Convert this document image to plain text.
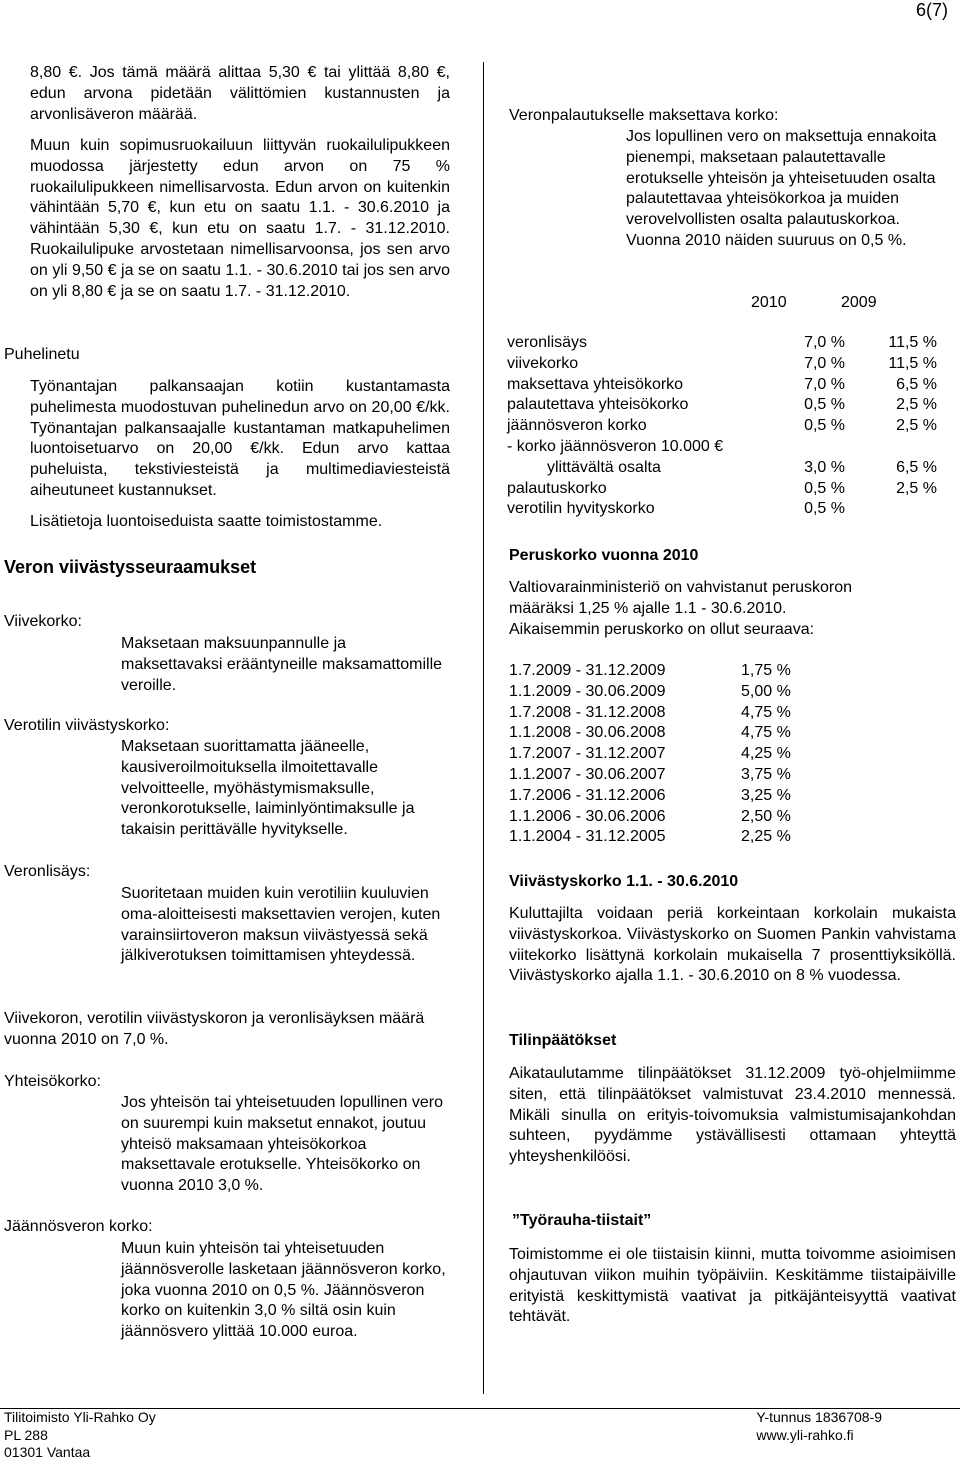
6(7)

8,80 €. Jos tämä määrä alittaa 5,30 € tai ylittää 8,80 €, edun arvona pidetään välittömien kustannusten ja arvonlisäveron määrää.

Muun kuin sopimusruokailuun liittyvän ruokailulipukkeen muodossa järjestetty edun arvon on 75 % ruokailulipukkeen nimellisarvosta. Edun arvon on kuitenkin vähintään 5,70 €, kun etu on saatu 1.1. - 30.6.2010 ja vähintään 5,30 €, kun etu on saatu 1.7. - 31.12.2010. Ruokailulipuke arvostetaan nimellisarvoonsa, jos sen arvo on yli 9,50 € ja se on saatu 1.1. - 30.6.2010 tai jos sen arvo on yli 8,80 € ja se on saatu 1.7. - 31.12.2010.

Puhelinetu

Työnantajan palkansaajan kotiin kustantamasta puhelimesta muodostuvan puhelinedun arvo on 20,00 €/kk. Työnantajan palkansaajalle kustantaman matkapuhelimen luontoisetuarvo on 20,00 €/kk. Edun arvo kattaa puheluista, tekstiviesteistä ja multimediaviesteistä aiheutuneet kustannukset.

Lisätietoja luontoiseduista saatte toimistostamme.
Veron viivästysseuraamukset
Viivekorko:

Maksetaan maksuunpannulle ja maksettavaksi erääntyneille maksamattomille veroille.

Verotilin viivästyskorko:

Maksetaan suorittamatta jääneelle, kausiveroilmoituksella ilmoitettavalle velvoitteelle, myöhästymismaksulle, veronkorotukselle, laiminlyöntimaksulle ja takaisin perittävälle hyvitykselle.

Veronlisäys:

Suoritetaan muiden kuin verotiliin kuuluvien oma-aloitteisesti maksettavien verojen, kuten varainsiirtoveron maksun viivästyessä sekä jälkiverotuksen toimittamisen yhteydessä.

Viivekoron, verotilin viivästyskoron ja veronlisäyksen määrä vuonna 2010 on 7,0 %.

Yhteisökorko:

Jos yhteisön tai yhteisetuuden lopullinen vero on suurempi kuin maksetut ennakot, joutuu yhteisö maksamaan yhteisökorkoa maksettavale erotukselle. Yhteisökorko on vuonna 2010 3,0 %.

Jäännösveron korko:

Muun kuin yhteisön tai yhteisetuuden jäännösverolle lasketaan jäännösveron korko, joka vuonna 2010 on 0,5 %. Jäännösveron korko on kuitenkin 3,0 % siltä osin kuin jäännösvero ylittää 10.000 euroa.

Veronpalautukselle maksettava korko:

Jos lopullinen vero on maksettuja ennakoita pienempi, maksetaan palautettavalle erotukselle yhteisön ja yhteisetuuden osalta palautettavaa yhteisökorkoa ja muiden verovelvollisten osalta palautuskorkoa. Vuonna 2010 näiden suuruus on 0,5 %.

2010	2009
veronlisäys	7,0 %	11,5 %
viivekorko	7,0 %	11,5 %
maksettava yhteisökorko	7,0 %	6,5 %
palautettava yhteisökorko	0,5 %	2,5 %
jäännösveron korko	0,5 %	2,5 %
- korko jäännösveron 10.000 €		
ylittävältä osalta	3,0 %	6,5 %
palautuskorko	0,5 %	2,5 %
verotilin hyvityskorko	0,5 %	
Peruskorko vuonna 2010

Valtiovarainministeriö on vahvistanut peruskoron määräksi 1,25 % ajalle 1.1 - 30.6.2010.

Aikaisemmin peruskorko on ollut seuraava:
1.7.2009 - 31.12.2009	1,75 %
1.1.2009 - 30.06.2009	5,00 %
1.7.2008 - 31.12.2008	4,75 %
1.1.2008 - 30.06.2008	4,75 %
1.7.2007 - 31.12.2007	4,25 %
1.1.2007 - 30.06.2007	3,75 %
1.7.2006 - 31.12.2006	3,25 %
1.1.2006 - 30.06.2006	2,50 %
1.1.2004 - 31.12.2005	2,25 %
Viivästyskorko 1.1. - 30.6.2010

Kuluttajilta voidaan periä korkeintaan korkolain mukaista viivästyskorkoa. Viivästyskorko on Suomen Pankin vahvistama viitekorko lisättynä korkolain mukaisella 7 prosenttiyksiköllä. Viivästyskorko ajalla 1.1. - 30.6.2010 on 8 % vuodessa.

Tilinpäätökset

Aikataulutamme tilinpäätökset 31.12.2009 työ-ohjelmiimme siten, että tilinpäätökset valmistuvat 23.4.2010 mennessä. Mikäli sinulla on erityis-toivomuksia valmistumisajankohdan suhteen, pyydämme ystävällisesti ottamaan yhteyttä yhteyshenkilöösi.

”Työrauha-tiistait”

Toimistomme ei ole tiistaisin kiinni, mutta toivomme asioimisen ohjautuvan viikon muihin työpäiviin. Keskitämme tiistaipäiville erityistä keskittymistä vaativat ja pitkäjänteisyyttä vaativat tehtävät.

Tilitoimisto Yli-Rahko Oy
PL 288
01301 Vantaa
Y-tunnus 1836708-9
www.yli-rahko.fi
